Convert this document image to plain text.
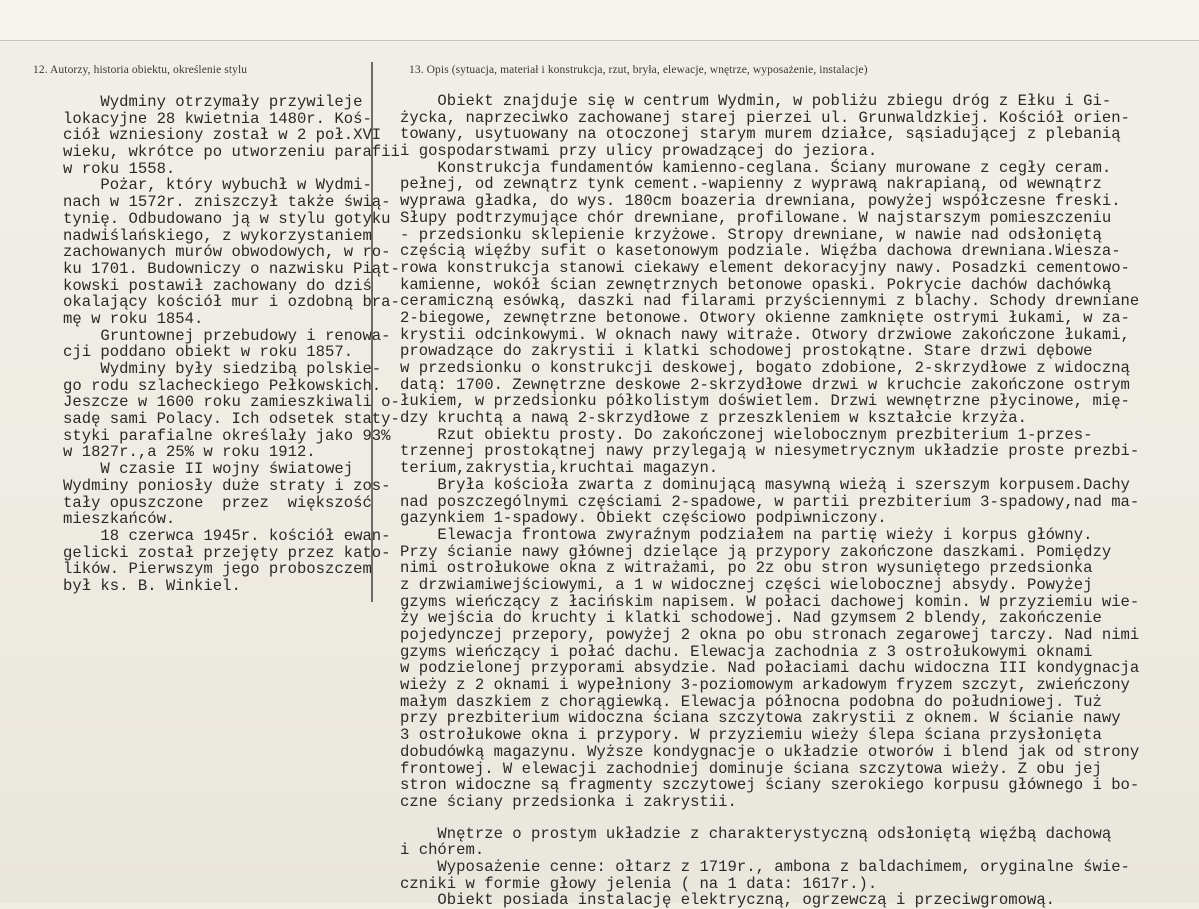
12. Autorzy, historia obiektu, określenie stylu	13. Opis (sytuacja, materiał i konstrukcja, rzut, bryła, elewacje, wnętrze, wyposażenie, instalacje)
Wydminy otrzymały przywileje
lokacyjne 28 kwietnia 1480r. Koś-
ciół wzniesiony został w 2 poł.XVI
wieku, wkrótce po utworzeniu parafii
w roku 1558.
Pożar, który wybuchł w Wydmi-
nach w 1572r. zniszczył także świą-
tynię. Odbudowano ją w stylu gotyku
nadwiślańskiego, z wykorzystaniem
zachowanych murów obwodowych, w ro-
ku 1701. Budowniczy o nazwisku Piąt-
kowski postawił zachowany do dziś
okalający kościół mur i ozdobną bra-
mę w roku 1854.
Gruntownej przebudowy i renowa-
cji poddano obiekt w roku 1857.
Wydminy były siedzibą polskie-
go rodu szlacheckiego Pełkowskich.
Jeszcze w 1600 roku zamieszkiwali o-
sadę sami Polacy. Ich odsetek staty-
styki parafialne określały jako 93%
w 1827r.,a 25% w roku 1912.
W czasie II wojny światowej
Wydminy poniosły duże straty i zos-
tały opuszczone  przez  większość
mieszkańców.
18 czerwca 1945r. kościół ewan-
gelicki został przejęty przez kato-
lików. Pierwszym jego proboszczem
był ks. B. Winkiel.
Obiekt znajduje się w centrum Wydmin, w pobliżu zbiegu dróg z Ełku i Gi-
życka, naprzeciwko zachowanej starej pierzei ul. Grunwaldzkiej. Kościół orien-
towany, usytuowany na otoczonej starym murem działce, sąsiadującej z plebanią
i gospodarstwami przy ulicy prowadzącej do jeziora.
Konstrukcja fundamentów kamienno-ceglana. Ściany murowane z cegły ceram.
pełnej, od zewnątrz tynk cement.-wapienny z wyprawą nakrapianą, od wewnątrz
wyprawa gładka, do wys. 180cm boazeria drewniana, powyżej współczesne freski.
Słupy podtrzymujące chór drewniane, profilowane. W najstarszym pomieszczeniu
- przedsionku sklepienie krzyżowe. Stropy drewniane, w nawie nad odsłoniętą
częścią więźby sufit o kasetonowym podziale. Więźba dachowa drewniana.Wiesza-
rowa konstrukcja stanowi ciekawy element dekoracyjny nawy. Posadzki cementowo-
kamienne, wokół ścian zewnętrznych betonowe opaski. Pokrycie dachów dachówką
ceramiczną esówką, daszki nad filarami przyściennymi z blachy. Schody drewniane
2-biegowe, zewnętrzne betonowe. Otwory okienne zamknięte ostrymi łukami, w za-
krystii odcinkowymi. W oknach nawy witraże. Otwory drzwiowe zakończone łukami,
prowadzące do zakrystii i klatki schodowej prostokątne. Stare drzwi dębowe
w przedsionku o konstrukcji deskowej, bogato zdobione, 2-skrzydłowe z widoczną
datą: 1700. Zewnętrzne deskowe 2-skrzydłowe drzwi w kruchcie zakończone ostrym
łukiem, w przedsionku półkolistym doświetlem. Drzwi wewnętrzne płycinowe, mię-
dzy kruchtą a nawą 2-skrzydłowe z przeszkleniem w kształcie krzyża.
Rzut obiektu prosty. Do zakończonej wielobocznym prezbiterium 1-przes-
trzennej prostokątnej nawy przylegają w niesymetrycznym układzie proste prezbi-
terium,zakrystia,kruchtai magazyn.
Bryła kościoła zwarta z dominującą masywną wieżą i szerszym korpusem.Dachy
nad poszczególnymi częściami 2-spadowe, w partii prezbiterium 3-spadowy,nad ma-
gazynkiem 1-spadowy. Obiekt częściowo podpiwniczony.
Elewacja frontowa zwyraźnym podziałem na partię wieży i korpus główny.
Przy ścianie nawy głównej dzielące ją przypory zakończone daszkami. Pomiędzy
nimi ostrołukowe okna z witrażami, po 2z obu stron wysuniętego przedsionka
z drzwiamiwejściowymi, a 1 w widocznej części wielobocznej absydy. Powyżej
gzyms wieńczący z łacińskim napisem. W połaci dachowej komin. W przyziemiu wie-
ży wejścia do kruchty i klatki schodowej. Nad gzymsem 2 blendy, zakończenie
pojedynczej przepory, powyżej 2 okna po obu stronach zegarowej tarczy. Nad nimi
gzyms wieńczący i połać dachu. Elewacja zachodnia z 3 ostrołukowymi oknami
w podzielonej przyporami absydzie. Nad połaciami dachu widoczna III kondygnacja
wieży z 2 oknami i wypełniony 3-poziomowym arkadowym fryzem szczyt, zwieńczony
małym daszkiem z chorągiewką. Elewacja północna podobna do południowej. Tuż
przy prezbiterium widoczna ściana szczytowa zakrystii z oknem. W ścianie nawy
3 ostrołukowe okna i przypory. W przyziemiu wieży ślepa ściana przysłonięta
dobudówką magazynu. Wyższe kondygnacje o układzie otworów i blend jak od strony
frontowej. W elewacji zachodniej dominuje ściana szczytowa wieży. Z obu jej
stron widoczne są fragmenty szczytowej ściany szerokiego korpusu głównego i bo-
czne ściany przedsionka i zakrystii.
Wnętrze o prostym układzie z charakterystyczną odsłoniętą więźbą dachową
i chórem.
Wyposażenie cenne: ołtarz z 1719r., ambona z baldachimem, oryginalne świe-
czniki w formie głowy jelenia ( na 1 data: 1617r.).
Obiekt posiada instalację elektryczną, ogrzewczą i przeciwgromową.
